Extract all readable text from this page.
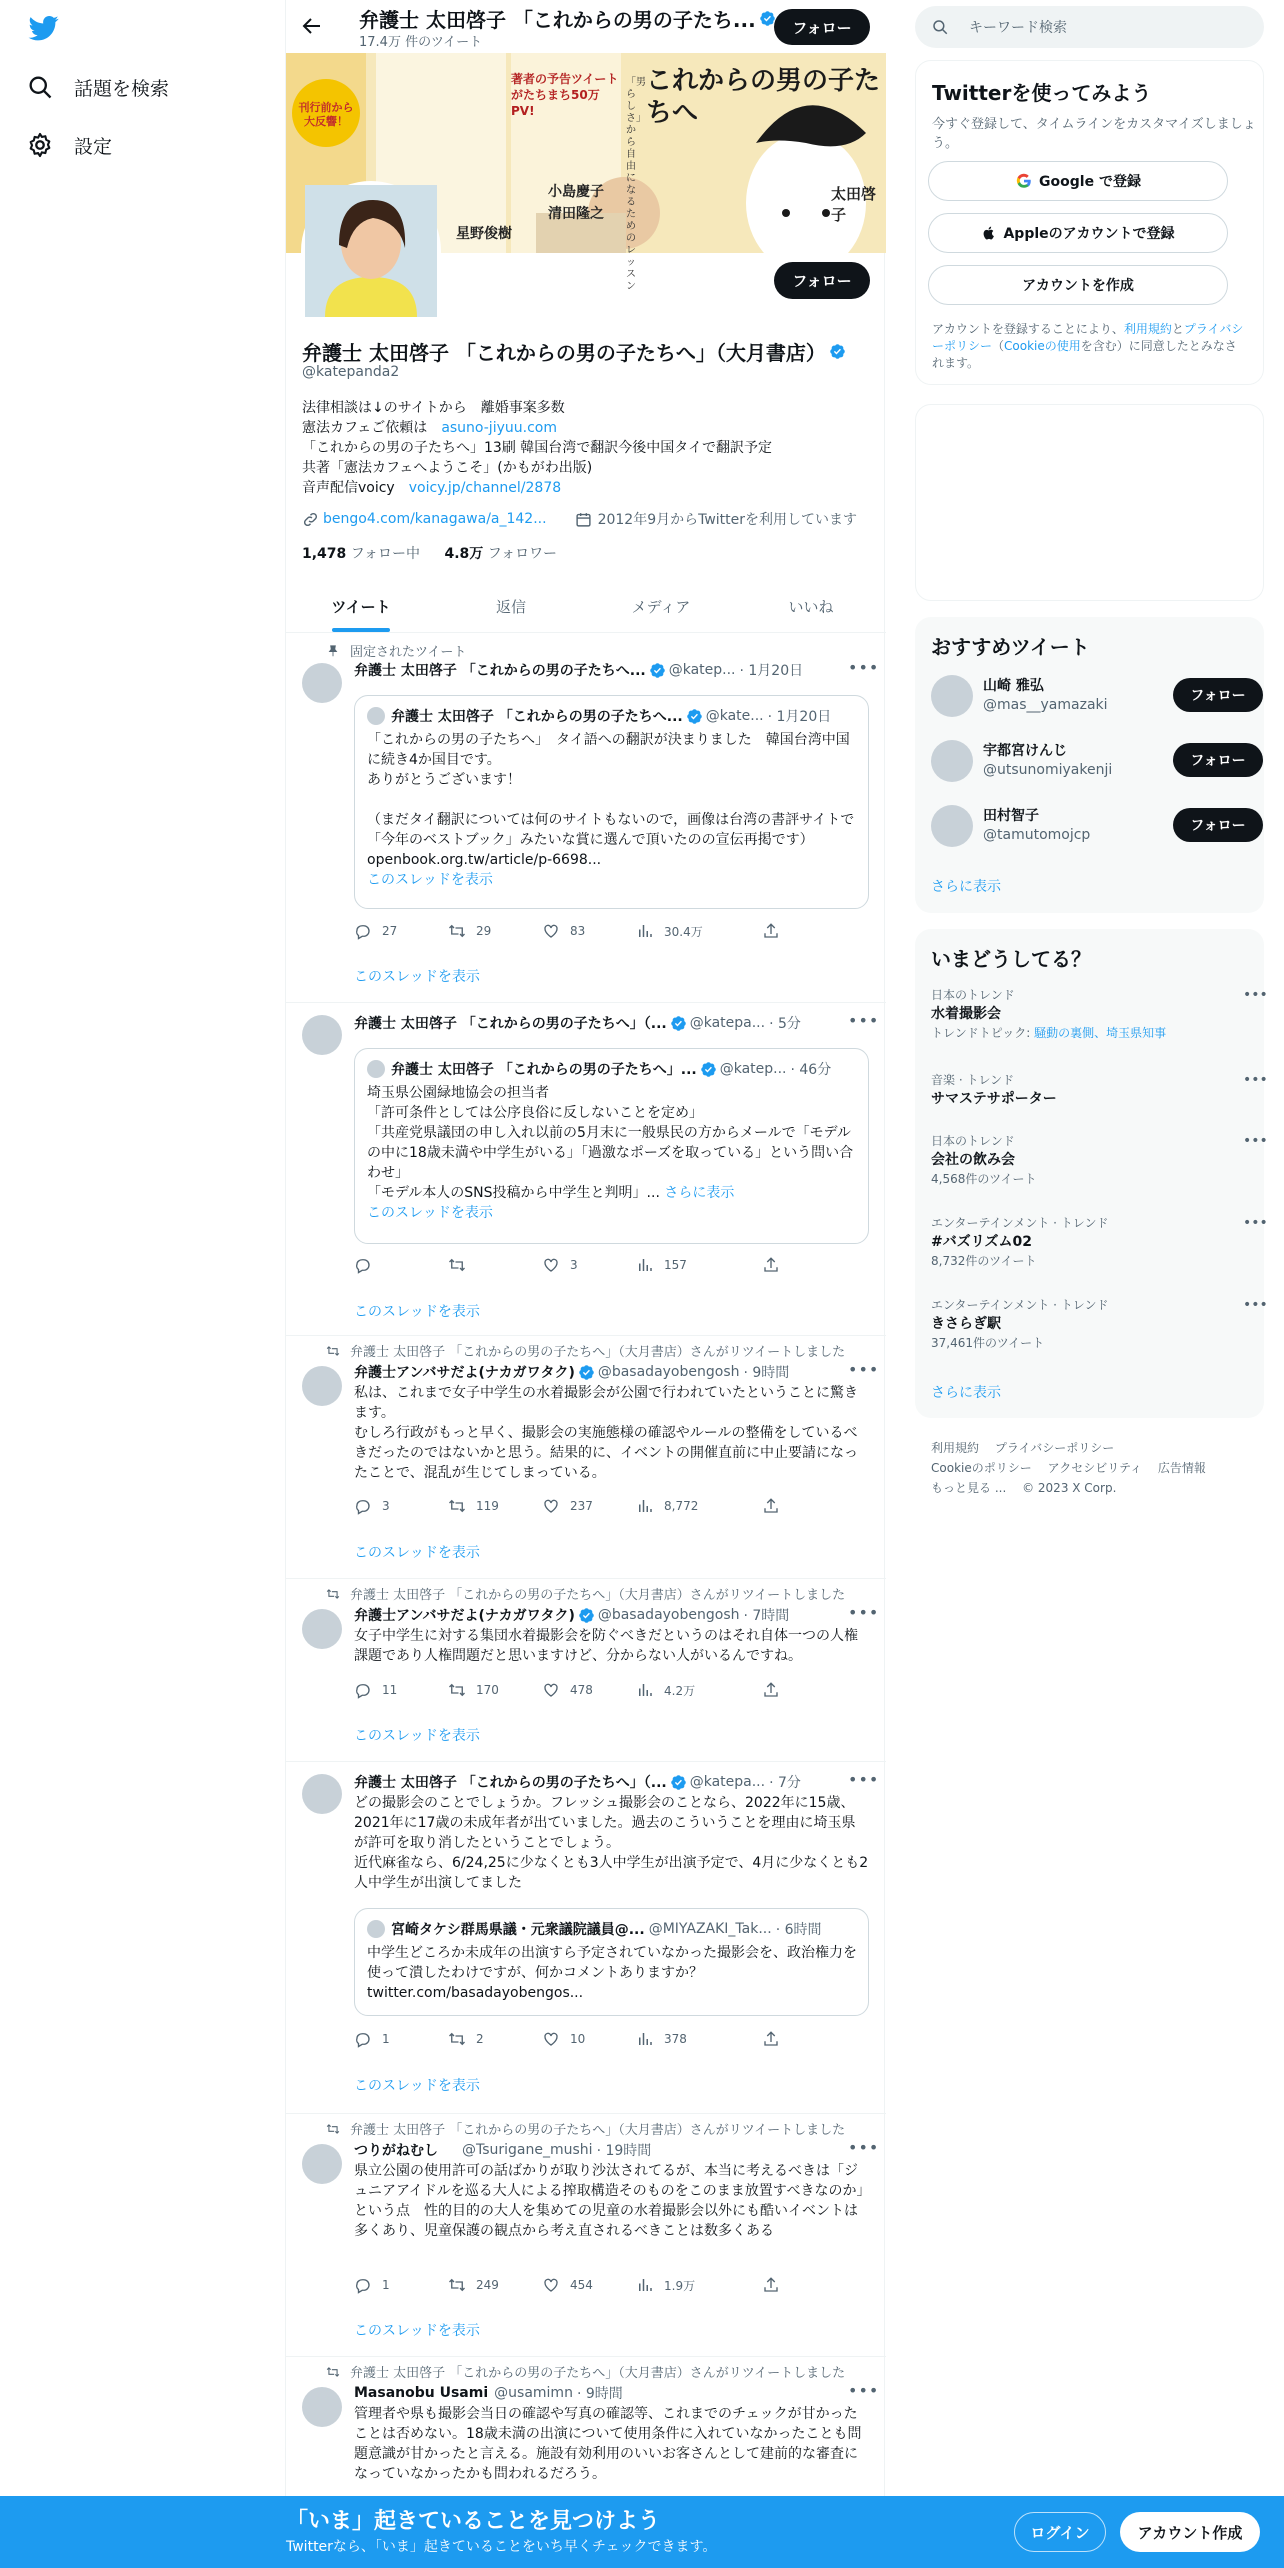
話題を検索
設定
弁護士 太田啓子 「これからの男の子たち...
17.4万 件のツイート
フォロー
刊行前から大反響！
これからの男の子たちへ
著者の予告ツイートがたちまち50万PV!
「男らしさ」から自由になるためのレッスン
太田啓子
小島慶子
清田隆之
星野俊樹
フォロー
弁護士 太田啓子 「これからの男の子たちへ」（大月書店）
@katepanda2
法律相談は↓のサイトから　離婚事案多数
憲法カフェご依頼は　asuno-jiyuu.com
「これからの男の子たちへ」13刷 韓国台湾で翻訳今後中国タイで翻訳予定
共著「憲法カフェへようこそ」(かもがわ出版)
音声配信voicy　voicy.jp/channel/2878
bengo4.com/kanagawa/a_142...	2012年9月からTwitterを利用しています
1,478 フォロー中 4.8万 フォロワー
ツイート	返信	メディア	いいね
固定されたツイート
弁護士 太田啓子 「これからの男の子たちへ... @katep... · 1月20日	•••
弁護士 太田啓子 「これからの男の子たちへ... @kate... · 1月20日
「これからの男の子たちへ」　タイ語への翻訳が決まりました　韓国台湾中国に続き4か国目です。
ありがとうございます！
（まだタイ翻訳については何のサイトもないので，画像は台湾の書評サイトで「今年のベストブック」みたいな賞に選んで頂いたのの宣伝再掲です） openbook.org.tw/article/p-6698...
このスレッドを表示
27	29	83	30.4万
このスレッドを表示
弁護士 太田啓子 「これからの男の子たちへ」（... @katepa... · 5分	•••
弁護士 太田啓子 「これからの男の子たちへ」... @katep... · 46分
埼玉県公園緑地協会の担当者
「許可条件としては公序良俗に反しないことを定め」
「共産党県議団の申し入れ以前の5月末に一般県民の方からメールで「モデルの中に18歳未満や中学生がいる」「過激なポーズを取っている」という問い合わせ」
「モデル本人のSNS投稿から中学生と判明」... さらに表示
このスレッドを表示
3	157
このスレッドを表示
弁護士 太田啓子 「これからの男の子たちへ」（大月書店）さんがリツイートしました
弁護士アンバサだよ(ナカガワタク) @basadayobengosh · 9時間	•••
私は、これまで女子中学生の水着撮影会が公園で行われていたということに驚きます。
むしろ行政がもっと早く、撮影会の実施態様の確認やルールの整備をしているべきだったのではないかと思う。結果的に、イベントの開催直前に中止要請になったことで、混乱が生じてしまっている。
3	119	237	8,772
このスレッドを表示
弁護士 太田啓子 「これからの男の子たちへ」（大月書店）さんがリツイートしました
弁護士アンバサだよ(ナカガワタク) @basadayobengosh · 7時間	•••
女子中学生に対する集団水着撮影会を防ぐべきだというのはそれ自体一つの人権課題であり人権問題だと思いますけど、分からない人がいるんですね。
11	170	478	4.2万
このスレッドを表示
弁護士 太田啓子 「これからの男の子たちへ」（... @katepa... · 7分	•••
どの撮影会のことでしょうか。フレッシュ撮影会のことなら、2022年に15歳、2021年に17歳の未成年者が出ていました。過去のこういうことを理由に埼玉県が許可を取り消したということでしょう。
近代麻雀なら、6/24,25に少なくとも3人中学生が出演予定で、4月に少なくとも2人中学生が出演してました
宮崎タケシ群馬県議・元衆議院議員@... @MIYAZAKI_Tak... · 6時間
中学生どころか未成年の出演すら予定されていなかった撮影会を、政治権力を使って潰したわけですが、何かコメントありますか？
twitter.com/basadayobengos...
1	2	10	378
このスレッドを表示
弁護士 太田啓子 「これからの男の子たちへ」（大月書店）さんがリツイートしました
つりがねむし @Tsurigane_mushi · 19時間	•••
県立公園の使用許可の話ばかりが取り沙汰されてるが、本当に考えるべきは「ジュニアアイドルを巡る大人による搾取構造そのものをこのまま放置すべきなのか」という点　性的目的の大人を集めての児童の水着撮影会以外にも酷いイベントは多くあり、児童保護の観点から考え直されるべきことは数多くある
1	249	454	1.9万
このスレッドを表示
弁護士 太田啓子 「これからの男の子たちへ」（大月書店）さんがリツイートしました
Masanobu Usami @usamimn · 9時間	•••
管理者や県も撮影会当日の確認や写真の確認等、これまでのチェックが甘かったことは否めない。18歳未満の出演について使用条件に入れていなかったことも問題意識が甘かったと言える。施設有効利用のいいお客さんとして建前的な審査になっていなかったかも問われるだろう。
キーワード検索
Twitterを使ってみよう
今すぐ登録して、タイムラインをカスタマイズしましょう。
Google で登録
Appleのアカウントで登録
アカウントを作成
アカウントを登録することにより、利用規約とプライバシーポリシー（Cookieの使用を含む）に同意したとみなされます。
おすすめツイート
山崎 雅弘
@mas__yamazaki
フォロー
宇都宮けんじ
@utsunomiyakenji
フォロー
田村智子
@tamutomojcp
フォロー
さらに表示
いまどうしてる？
日本のトレンド
水着撮影会
トレンドトピック: 騒動の裏側、埼玉県知事
•••
音楽 · トレンド
サマステサポーター
•••
日本のトレンド
会社の飲み会
4,568件のツイート
•••
エンターテインメント · トレンド
#バズリズム02
8,732件のツイート
•••
エンターテインメント · トレンド
きさらぎ駅
37,461件のツイート
•••
さらに表示
利用規約　 プライバシーポリシー
Cookieのポリシー　 アクセシビリティ　 広告情報
もっと見る ...　 © 2023 X Corp.
「いま」起きていることを見つけよう
Twitterなら、「いま」起きていることをいち早くチェックできます。
ログイン	アカウント作成
